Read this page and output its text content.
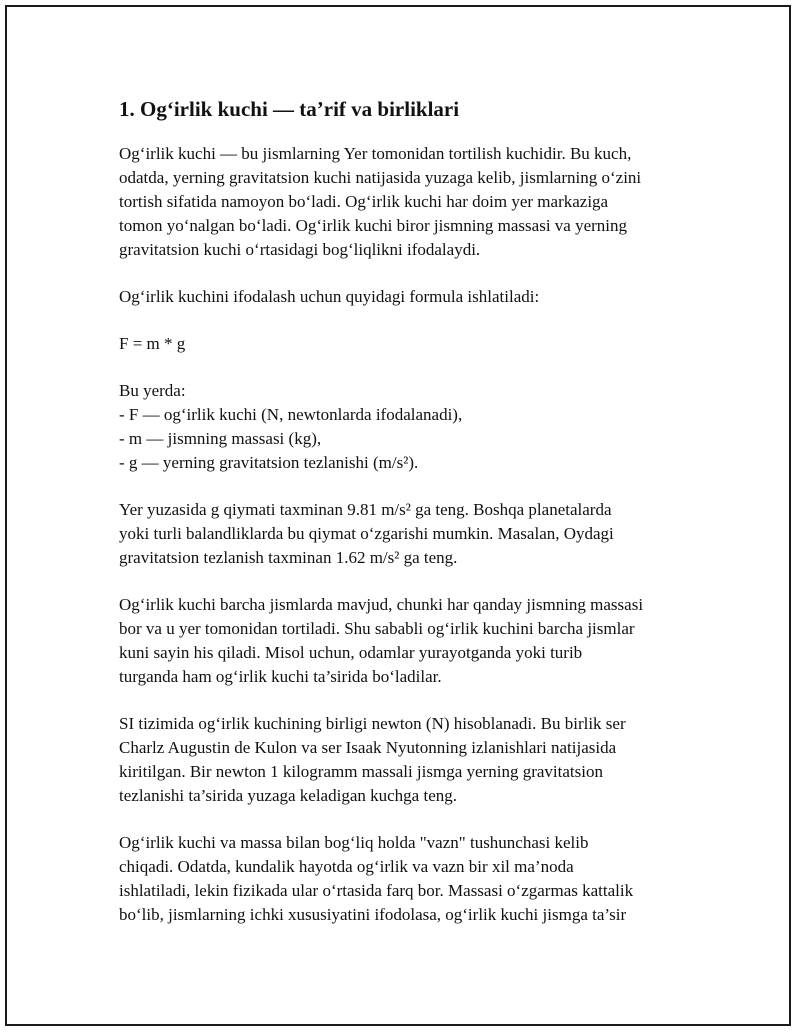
1. Og‘irlik kuchi — ta’rif va birliklari

Og‘irlik kuchi — bu jismlarning Yer tomonidan tortilish kuchidir. Bu kuch,
odatda, yerning gravitatsion kuchi natijasida yuzaga kelib, jismlarning o‘zini
tortish sifatida namoyon bo‘ladi. Og‘irlik kuchi har doim yer markaziga
tomon yo‘nalgan bo‘ladi. Og‘irlik kuchi biror jismning massasi va yerning
gravitatsion kuchi o‘rtasidagi bog‘liqlikni ifodalaydi.

Og‘irlik kuchini ifodalash uchun quyidagi formula ishlatiladi:

F = m * g

Bu yerda:

- F — og‘irlik kuchi (N, newtonlarda ifodalanadi),

- m — jismning massasi (kg),

- g — yerning gravitatsion tezlanishi (m/s²).

Yer yuzasida g qiymati taxminan 9.81 m/s² ga teng. Boshqa planetalarda
yoki turli balandliklarda bu qiymat o‘zgarishi mumkin. Masalan, Oydagi
gravitatsion tezlanish taxminan 1.62 m/s² ga teng.

Og‘irlik kuchi barcha jismlarda mavjud, chunki har qanday jismning massasi
bor va u yer tomonidan tortiladi. Shu sababli og‘irlik kuchini barcha jismlar
kuni sayin his qiladi. Misol uchun, odamlar yurayotganda yoki turib
turganda ham og‘irlik kuchi ta’sirida bo‘ladilar.

SI tizimida og‘irlik kuchining birligi newton (N) hisoblanadi. Bu birlik ser
Charlz Augustin de Kulon va ser Isaak Nyutonning izlanishlari natijasida
kiritilgan. Bir newton 1 kilogramm massali jismga yerning gravitatsion
tezlanishi ta’sirida yuzaga keladigan kuchga teng.

Og‘irlik kuchi va massa bilan bog‘liq holda "vazn" tushunchasi kelib
chiqadi. Odatda, kundalik hayotda og‘irlik va vazn bir xil ma’noda
ishlatiladi, lekin fizikada ular o‘rtasida farq bor. Massasi o‘zgarmas kattalik
bo‘lib, jismlarning ichki xususiyatini ifodolasa, og‘irlik kuchi jismga ta’sir
